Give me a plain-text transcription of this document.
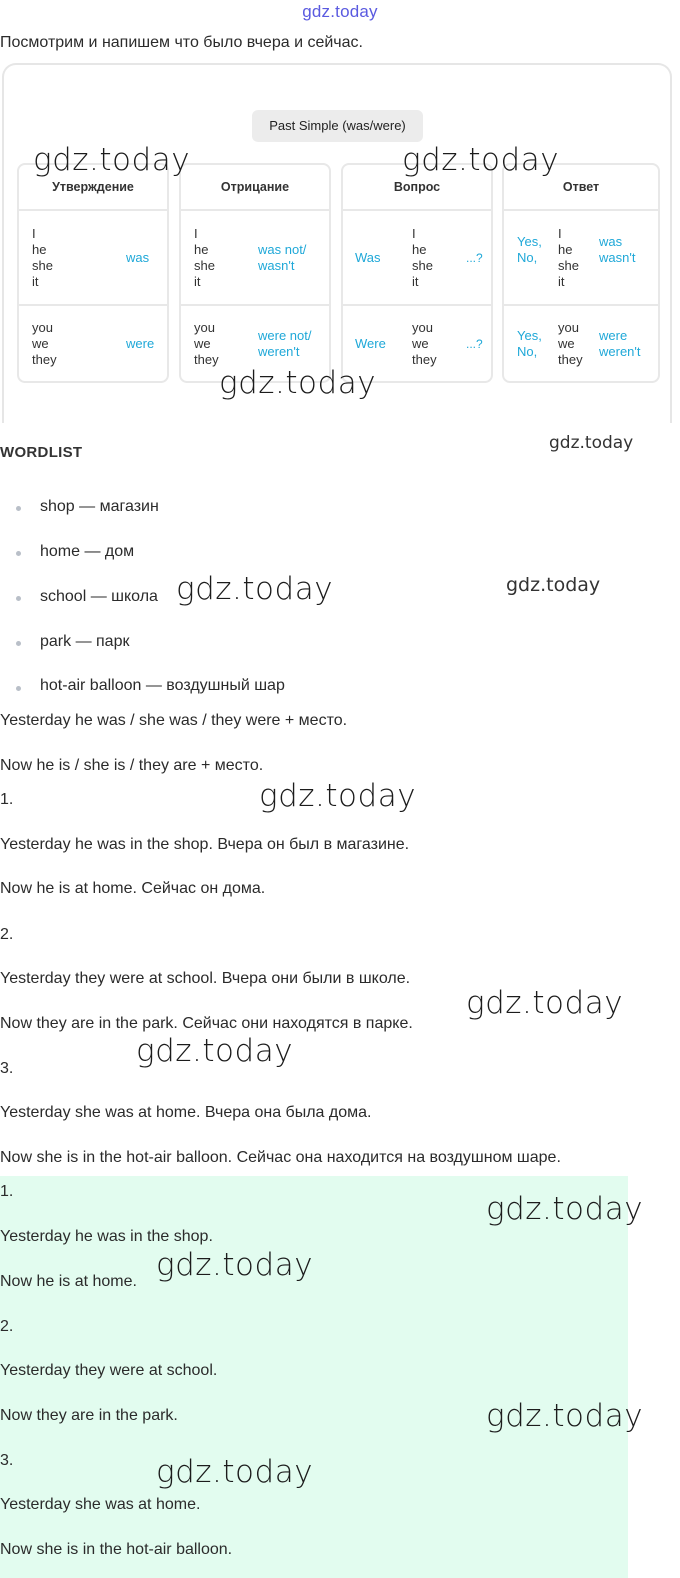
gdz.today
Посмотрим и напишем что было вчера и сейчас.
Past Simple (was/were)
Утверждение
I
he
she
it
was
you
we
they
were
Отрицание
I
he
she
it
was not/
wasn't
you
we
they
were not/
weren't
Вопрос
Was
I
he
she
it
...?
Were
you
we
they
...?
Ответ
Yes,
No,
I
he
she
it
was
wasn't
Yes,
No,
you
we
they
were
weren't
WORDLIST
shop — магазин
home — дом
school — школа
park — парк
hot-air balloon — воздушный шар
Yesterday he was / she was / they were + место.
Now he is / she is / they are + место.
1.
Yesterday he was in the shop. Вчера он был в магазине.
Now he is at home. Сейчас он дома.
2.
Yesterday they were at school. Вчера они были в школе.
Now they are in the park. Сейчас они находятся в парке.
3.
Yesterday she was at home. Вчера она была дома.
Now she is in the hot-air balloon. Сейчас она находится на воздушном шаре.
1.
Yesterday he was in the shop.
Now he is at home.
2.
Yesterday they were at school.
Now they are in the park.
3.
Yesterday she was at home.
Now she is in the hot-air balloon.
gdz.today	gdz.today
gdz.today
gdz.today
gdz.today	gdz.today
gdz.today
gdz.today
gdz.today
gdz.today
gdz.today
gdz.today
gdz.today
